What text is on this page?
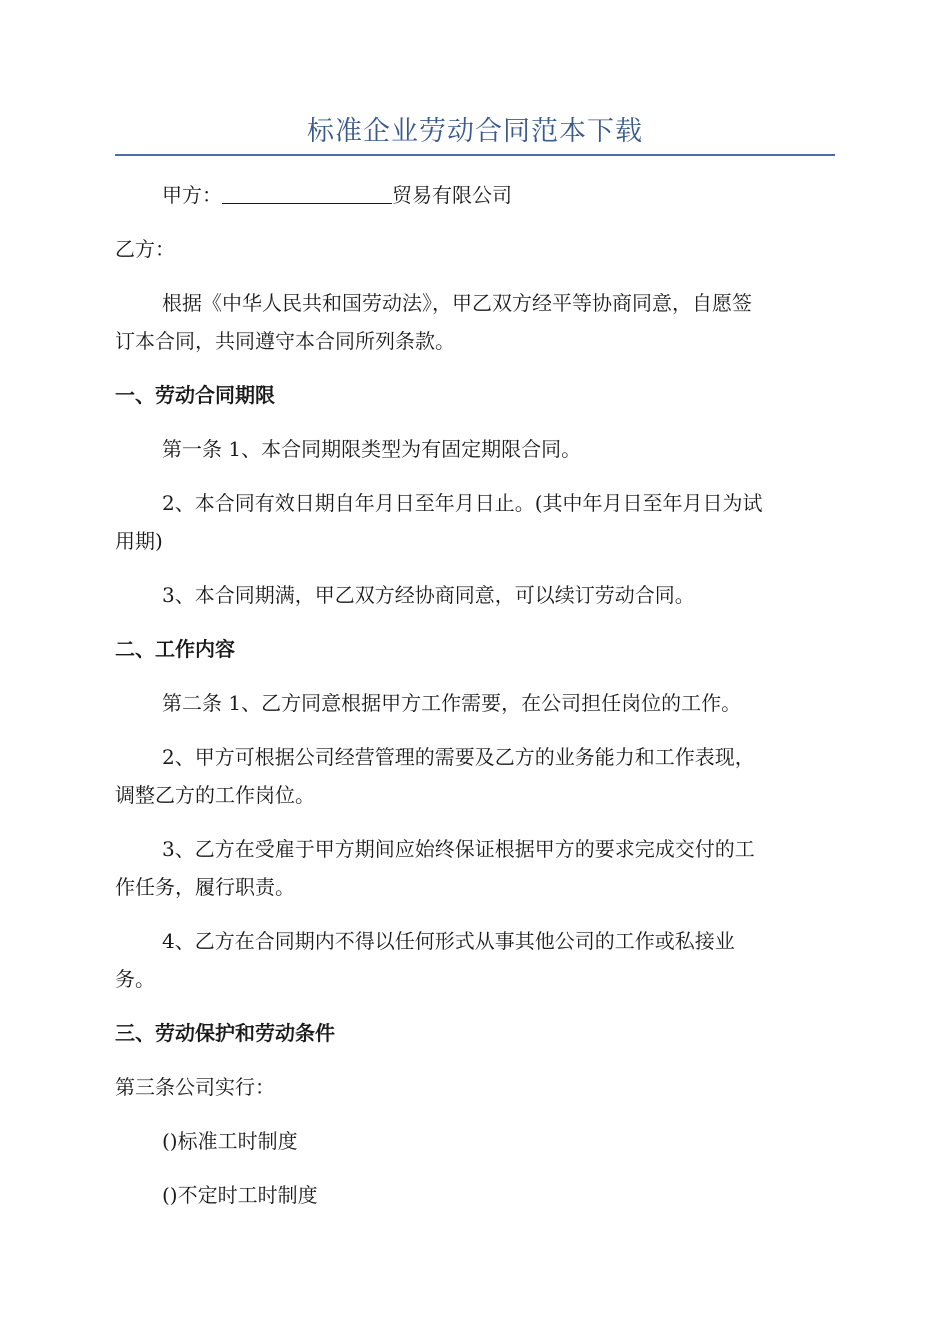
标准企业劳动合同范本下载
甲方：	贸易有限公司
乙方：
根据《中华人民共和国劳动法》，甲乙双方经平等协商同意，自愿签
订本合同，共同遵守本合同所列条款。
一、劳动合同期限
第一条 1、本合同期限类型为有固定期限合同。
2、本合同有效日期自年月日至年月日止。(其中年月日至年月日为试
用期)
3、本合同期满，甲乙双方经协商同意，可以续订劳动合同。
二、工作内容
第二条 1、乙方同意根据甲方工作需要，在公司担任岗位的工作。
2、甲方可根据公司经营管理的需要及乙方的业务能力和工作表现，
调整乙方的工作岗位。
3、乙方在受雇于甲方期间应始终保证根据甲方的要求完成交付的工
作任务，履行职责。
4、乙方在合同期内不得以任何形式从事其他公司的工作或私接业
务。
三、劳动保护和劳动条件
第三条公司实行：
()标准工时制度
()不定时工时制度
